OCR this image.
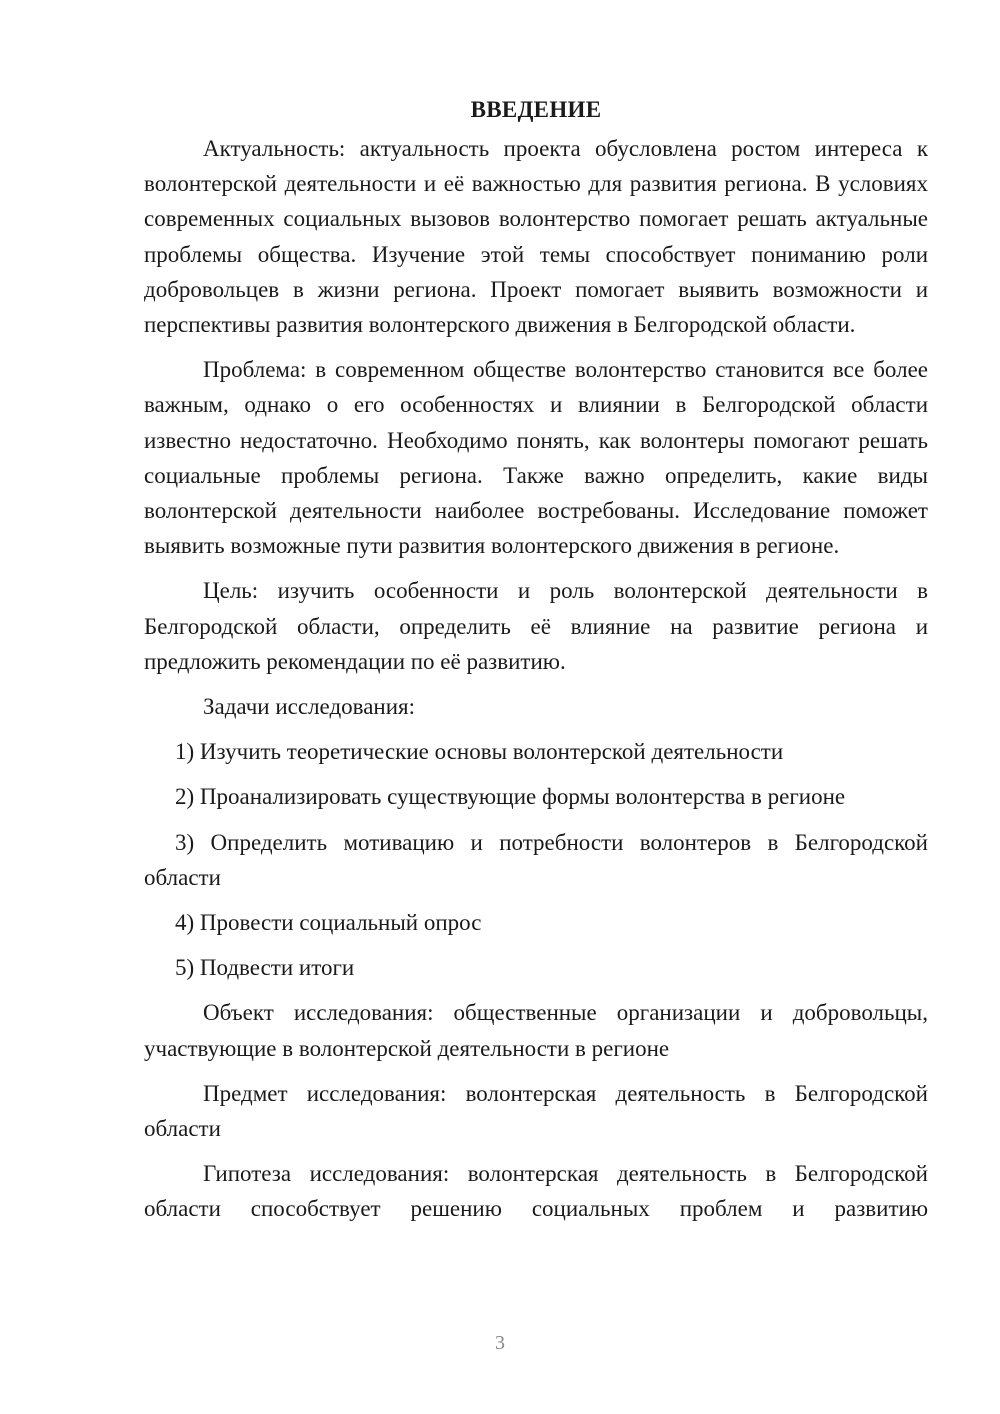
ВВЕДЕНИЕ

Актуальность: актуальность проекта обусловлена ростом интереса к волонтерской деятельности и её важностью для развития региона. В условиях современных социальных вызовов волонтерство помогает решать актуальные проблемы общества. Изучение этой темы способствует пониманию роли добровольцев в жизни региона. Проект помогает выявить возможности и перспективы развития волонтерского движения в Белгородской области.

Проблема: в современном обществе волонтерство становится все более важным, однако о его особенностях и влиянии в Белгородской области известно недостаточно. Необходимо понять, как волонтеры помогают решать социальные проблемы региона. Также важно определить, какие виды волонтерской деятельности наиболее востребованы. Исследование поможет выявить возможные пути развития волонтерского движения в регионе.

Цель: изучить особенности и роль волонтерской деятельности в Белгородской области, определить её влияние на развитие региона и предложить рекомендации по её развитию.

Задачи исследования:

1) Изучить теоретические основы волонтерской деятельности

2) Проанализировать существующие формы волонтерства в регионе

3) Определить мотивацию и потребности волонтеров в Белгородской области

4) Провести социальный опрос

5) Подвести итоги

Объект исследования: общественные организации и добровольцы, участвующие в волонтерской деятельности в регионе

Предмет исследования: волонтерская деятельность в Белгородской области

Гипотеза исследования: волонтерская деятельность в Белгородской области способствует решению социальных проблем и развитию

3
